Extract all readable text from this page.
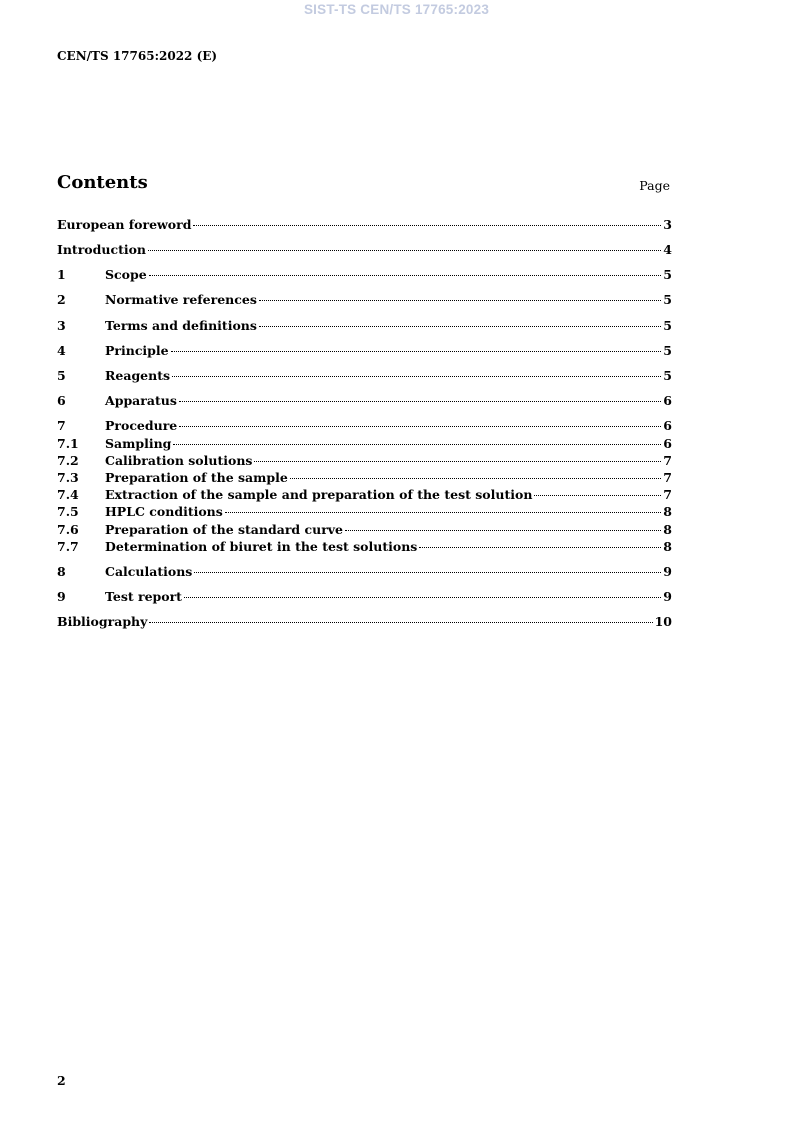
SIST-TS CEN/TS 17765:2023
CEN/TS 17765:2022 (E)
Contents	Page
European foreword	3
Introduction	4
1	Scope	5
2	Normative references	5
3	Terms and definitions	5
4	Principle	5
5	Reagents	5
6	Apparatus	6
7	Procedure	6
7.1	Sampling	6
7.2	Calibration solutions	7
7.3	Preparation of the sample	7
7.4	Extraction of the sample and preparation of the test solution	7
7.5	HPLC conditions	8
7.6	Preparation of the standard curve	8
7.7	Determination of biuret in the test solutions	8
8	Calculations	9
9	Test report	9
Bibliography	10
2
